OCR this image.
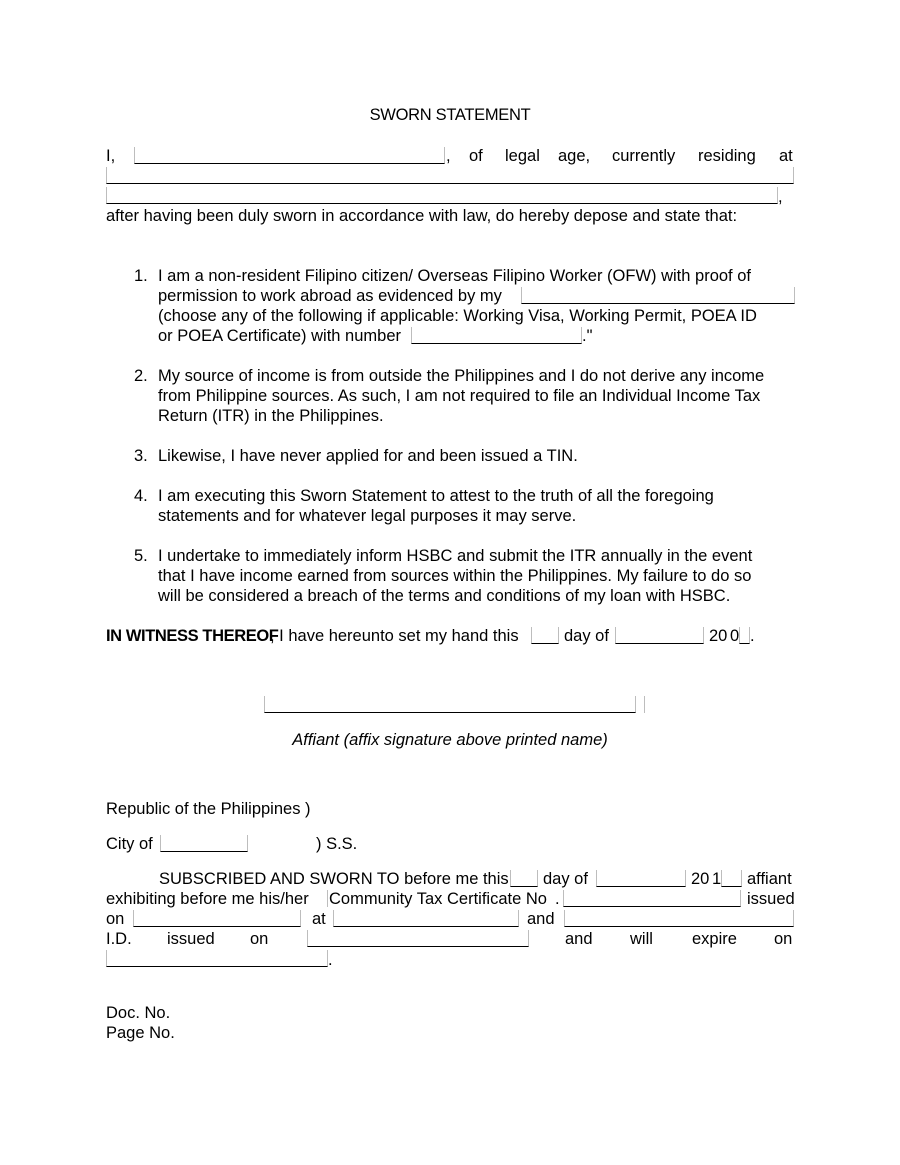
SWORN STATEMENT
I,	, of legal age, currently residing at
,
after having been duly sworn in accordance with law, do hereby depose and state that:
1. I am a non-resident Filipino citizen/ Overseas Filipino Worker (OFW) with proof of
permission to work abroad as evidenced by my
(choose any of the following if applicable: Working Visa, Working Permit, POEA ID
or POEA Certificate) with number	."
2. My source of income is from outside the Philippines and I do not derive any income
from Philippine sources. As such, I am not required to file an Individual Income Tax
Return (ITR) in the Philippines.
3. Likewise, I have never applied for and been issued a TIN.
4. I am executing this Sworn Statement to attest to the truth of all the foregoing
statements and for whatever legal purposes it may serve.
5. I undertake to immediately inform HSBC and submit the ITR annually in the event
that I have income earned from sources within the Philippines. My failure to do so
will be considered a breach of the terms and conditions of my loan with HSBC.
IN WITNESS THEREOF
, I have hereunto set my hand this	day of	20 0 .
Affiant (affix signature above printed name)
Republic of the Philippines )
City of	) S.S.
SUBSCRIBED AND SWORN TO before me this day of	20 1 affiant
exhibiting before me his/her Community Tax Certificate No .	issued
on	at	and
I.D. issued on	and will expire on
.
Doc. No.
Page No.
